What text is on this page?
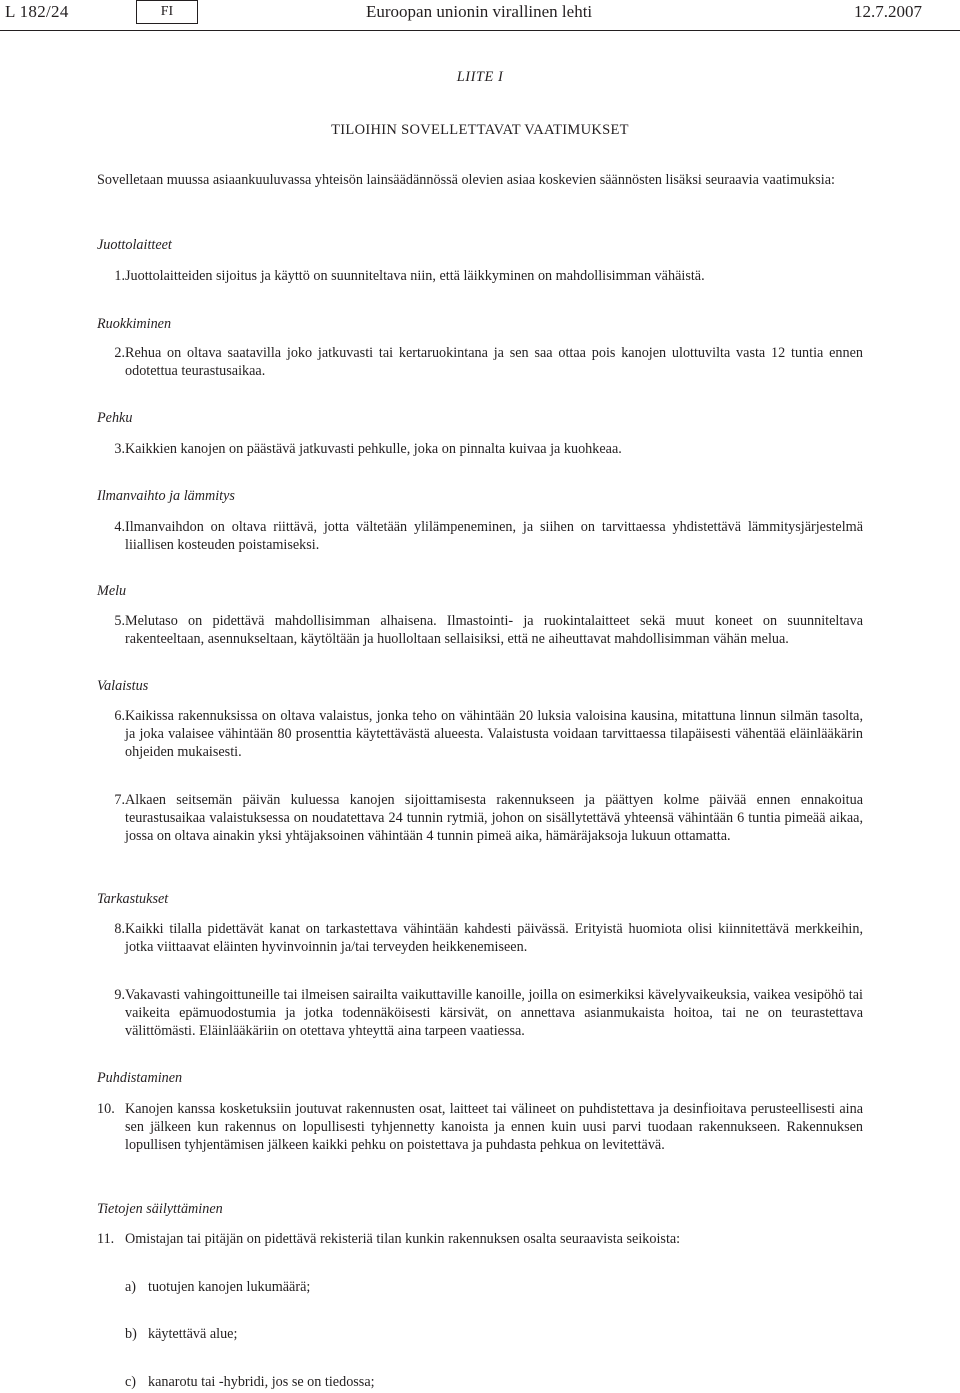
L 182/24	FI	Euroopan unionin virallinen lehti	12.7.2007
LIITE I
TILOIHIN SOVELLETTAVAT VAATIMUKSET
Sovelletaan muussa asiaankuuluvassa yhteisön lainsäädännössä olevien asiaa koskevien säännösten lisäksi seuraavia vaatimuksia:
Juottolaitteet
Ruokkiminen
Pehku
Ilmanvaihto ja lämmitys
Melu
Valaistus
Tarkastukset
Puhdistaminen
Tietojen säilyttäminen
1. Juottolaitteiden sijoitus ja käyttö on suunniteltava niin, että läikkyminen on mahdollisimman vähäistä.
2. Rehua on oltava saatavilla joko jatkuvasti tai kertaruokintana ja sen saa ottaa pois kanojen ulottuvilta vasta 12 tuntia ennen odotettua teurastusaikaa.
3. Kaikkien kanojen on päästävä jatkuvasti pehkulle, joka on pinnalta kuivaa ja kuohkeaa.
4. Ilmanvaihdon on oltava riittävä, jotta vältetään ylilämpeneminen, ja siihen on tarvittaessa yhdistettävä lämmitysjärjestelmä liiallisen kosteuden poistamiseksi.
5. Melutaso on pidettävä mahdollisimman alhaisena. Ilmastointi- ja ruokintalaitteet sekä muut koneet on suunniteltava rakenteeltaan, asennukseltaan, käytöltään ja huolloltaan sellaisiksi, että ne aiheuttavat mahdollisimman vähän melua.
6. Kaikissa rakennuksissa on oltava valaistus, jonka teho on vähintään 20 luksia valoisina kausina, mitattuna linnun silmän tasolta, ja joka valaisee vähintään 80 prosenttia käytettävästä alueesta. Valaistusta voidaan tarvittaessa tilapäisesti vähentää eläinlääkärin ohjeiden mukaisesti.
7. Alkaen seitsemän päivän kuluessa kanojen sijoittamisesta rakennukseen ja päättyen kolme päivää ennen ennakoitua teurastusaikaa valaistuksessa on noudatettava 24 tunnin rytmiä, johon on sisällytettävä yhteensä vähintään 6 tuntia pimeää aikaa, jossa on oltava ainakin yksi yhtäjaksoinen vähintään 4 tunnin pimeä aika, hämäräjaksoja lukuun ottamatta.
8. Kaikki tilalla pidettävät kanat on tarkastettava vähintään kahdesti päivässä. Erityistä huomiota olisi kiinnitettävä merkkeihin, jotka viittaavat eläinten hyvinvoinnin ja/tai terveyden heikkenemiseen.
9. Vakavasti vahingoittuneille tai ilmeisen sairailta vaikuttaville kanoille, joilla on esimerkiksi kävelyvaikeuksia, vaikea vesipöhö tai vaikeita epämuodostumia ja jotka todennäköisesti kärsivät, on annettava asianmukaista hoitoa, tai ne on teurastettava välittömästi. Eläinlääkäriin on otettava yhteyttä aina tarpeen vaatiessa.
10. Kanojen kanssa kosketuksiin joutuvat rakennusten osat, laitteet tai välineet on puhdistettava ja desinfioitava perusteellisesti aina sen jälkeen kun rakennus on lopullisesti tyhjennetty kanoista ja ennen kuin uusi parvi tuodaan rakennukseen. Rakennuksen lopullisen tyhjentämisen jälkeen kaikki pehku on poistettava ja puhdasta pehkua on levitettävä.
11. Omistajan tai pitäjän on pidettävä rekisteriä tilan kunkin rakennuksen osalta seuraavista seikoista:
a) tuotujen kanojen lukumäärä;
b) käytettävä alue;
c) kanarotu tai -hybridi, jos se on tiedossa;
